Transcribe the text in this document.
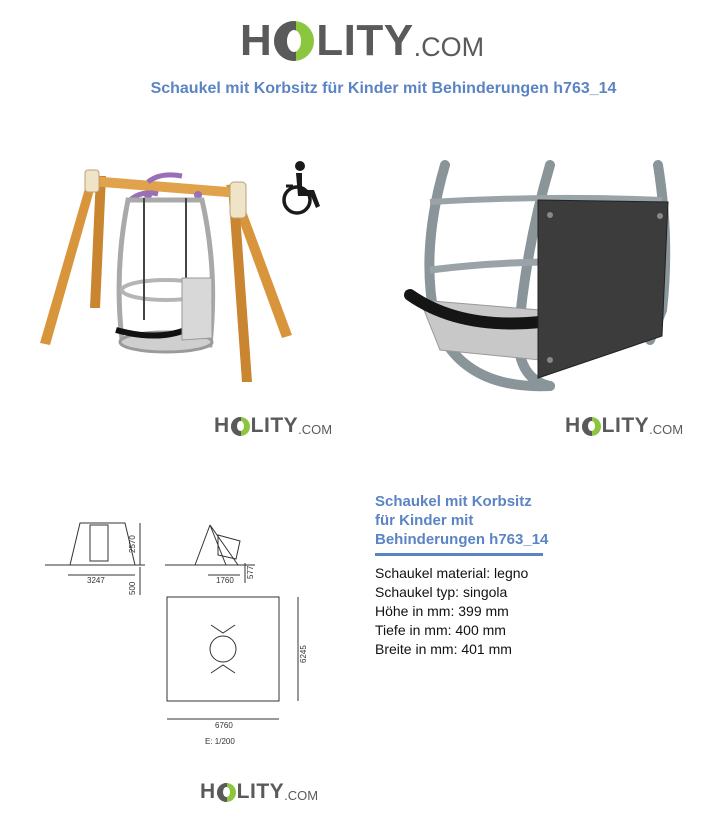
H LITY .COM
Schaukel mit Korbsitz für Kinder mit Behinderungen h763_14
H LITY .COM	H LITY .COM
3247
2570
500
1760
577
6245
6760
E: 1/200
Schaukel mit Korbsitz
für Kinder mit
Behinderungen h763_14
Schaukel material: legno
Schaukel typ: singola
Höhe in mm: 399 mm
Tiefe in mm: 400 mm
Breite in mm: 401 mm
H LITY .COM
